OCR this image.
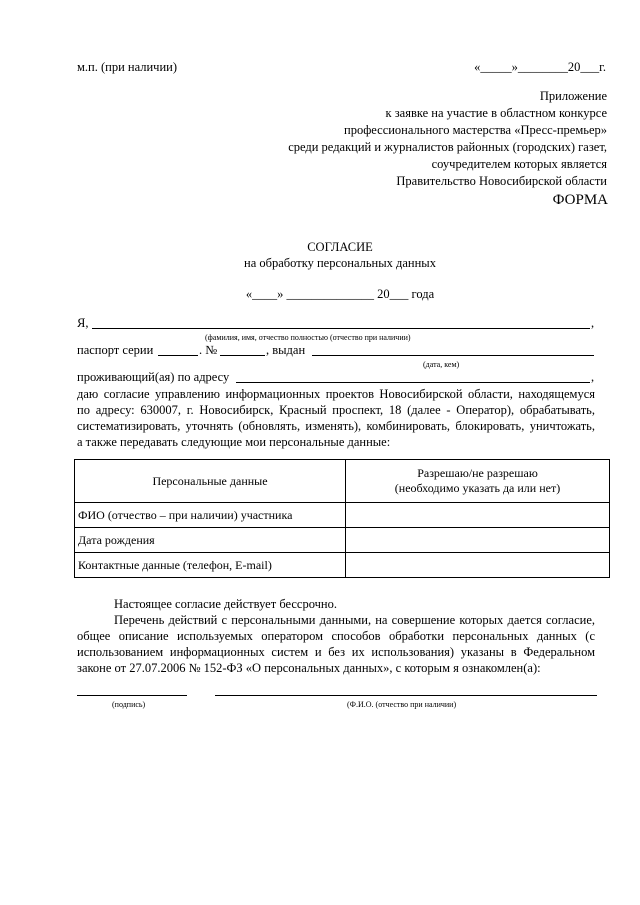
м.п. (при наличии)	«_____»________20___г.
Приложение
к заявке на участие в областном конкурсе
профессионального мастерства «Пресс-премьер»
среди редакций и журналистов районных (городских) газет,
соучредителем которых является
Правительство Новосибирской области
ФОРМА
СОГЛАСИЕ
на обработку персональных данных
«____» ______________ 20___ года
Я,	,
(фамилия, имя, отчество полностью (отчество при наличии)
паспорт серии	. №	, выдан
(дата, кем)
проживающий(ая) по адресу	,
даю согласие управлению информационных проектов Новосибирской области, находящемуся
по адресу: 630007, г. Новосибирск, Красный проспект, 18 (далее - Оператор), обрабатывать,
систематизировать, уточнять (обновлять, изменять), комбинировать, блокировать, уничтожать,
а также передавать следующие мои персональные данные:
Персональные данные	Разрешаю/не разрешаю
(необходимо указать да или нет)

ФИО (отчество – при наличии) участника	
Дата рождения	
Контактные данные (телефон, E-mail)	
Настоящее согласие действует бессрочно.
Перечень действий с персональными данными, на совершение которых дается согласие,
общее описание используемых оператором способов обработки персональных данных (с
использованием информационных систем и без их использования) указаны в Федеральном
законе от 27.07.2006 № 152-ФЗ «О персональных данных», с которым я ознакомлен(а):
(подпись)	(Ф.И.О. (отчество при наличии)
